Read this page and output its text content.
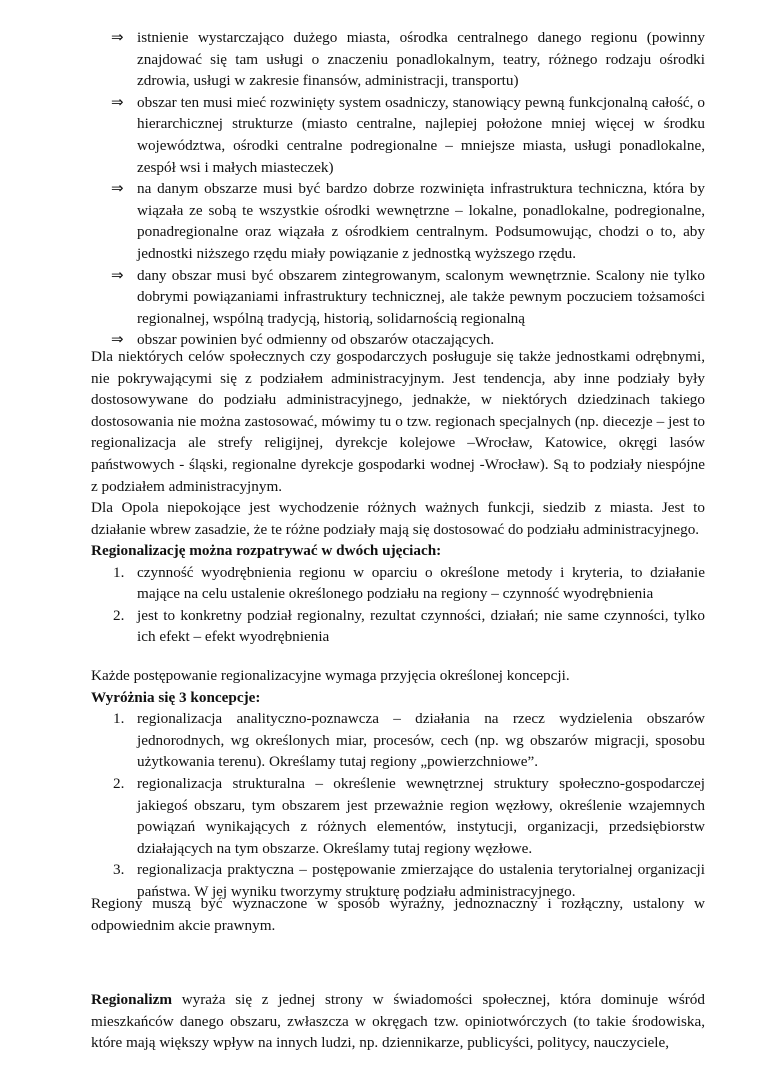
⇒ istnienie wystarczająco dużego miasta, ośrodka centralnego danego regionu (powinny znajdować się tam usługi o znaczeniu ponadlokalnym, teatry, różnego rodzaju ośrodki zdrowia, usługi w zakresie finansów, administracji, transportu)
⇒ obszar ten musi mieć rozwinięty system osadniczy, stanowiący pewną funkcjonalną całość, o hierarchicznej strukturze (miasto centralne, najlepiej położone mniej więcej w środku województwa, ośrodki centralne podregionalne – mniejsze miasta, usługi ponadlokalne, zespół wsi i małych miasteczek)
⇒ na danym obszarze musi być bardzo dobrze rozwinięta infrastruktura techniczna, która by wiązała ze sobą te wszystkie ośrodki wewnętrzne – lokalne, ponadlokalne, podregionalne, ponadregionalne oraz wiązała z ośrodkiem centralnym. Podsumowując, chodzi o to, aby jednostki niższego rzędu miały powiązanie z jednostką wyższego rzędu.
⇒ dany obszar musi być obszarem zintegrowanym, scalonym wewnętrznie. Scalony nie tylko dobrymi powiązaniami infrastruktury technicznej, ale także pewnym poczuciem tożsamości regionalnej, wspólną tradycją, historią, solidarnością regionalną
⇒ obszar powinien być odmienny od obszarów otaczających.

Dla niektórych celów społecznych czy gospodarczych posługuje się także jednostkami odrębnymi, nie pokrywającymi się z podziałem administracyjnym. Jest tendencja, aby inne podziały były dostosowywane do podziału administracyjnego, jednakże, w niektórych dziedzinach takiego dostosowania nie można zastosować, mówimy tu o tzw. regionach specjalnych (np. diecezje – jest to regionalizacja ale strefy religijnej, dyrekcje kolejowe –Wrocław, Katowice, okręgi lasów państwowych - śląski, regionalne dyrekcje gospodarki wodnej -Wrocław). Są to podziały niespójne z podziałem administracyjnym.

Dla Opola niepokojące jest wychodzenie różnych ważnych funkcji, siedzib z miasta. Jest to działanie wbrew zasadzie, że te różne podziały mają się dostosować do podziału administracyjnego.

Regionalizację można rozpatrywać w dwóch ujęciach:

1. czynność wyodrębnienia regionu w oparciu o określone metody i kryteria, to działanie mające na celu ustalenie określonego podziału na regiony – czynność wyodrębnienia
2. jest to konkretny podział regionalny, rezultat czynności, działań; nie same czynności, tylko ich efekt – efekt wyodrębnienia

Każde postępowanie regionalizacyjne wymaga przyjęcia określonej koncepcji.

Wyróżnia się 3 koncepcje:

1. regionalizacja analityczno-poznawcza – działania na rzecz wydzielenia obszarów jednorodnych, wg określonych miar, procesów, cech (np. wg obszarów migracji, sposobu użytkowania terenu). Określamy tutaj regiony „powierzchniowe”.
2. regionalizacja strukturalna – określenie wewnętrznej struktury społeczno-gospodarczej jakiegoś obszaru, tym obszarem jest przeważnie region węzłowy, określenie wzajemnych powiązań wynikających z różnych elementów, instytucji, organizacji, przedsiębiorstw działających na tym obszarze. Określamy tutaj regiony węzłowe.
3. regionalizacja praktyczna – postępowanie zmierzające do ustalenia terytorialnej organizacji państwa. W jej wyniku tworzymy strukturę podziału administracyjnego.

Regiony muszą być wyznaczone w sposób wyraźny, jednoznaczny i rozłączny, ustalony w odpowiednim akcie prawnym.

Regionalizm wyraża się z jednej strony w świadomości społecznej, która dominuje wśród mieszkańców danego obszaru, zwłaszcza w okręgach tzw. opiniotwórczych (to takie środowiska, które mają większy wpływ na innych ludzi, np. dziennikarze, publicyści, politycy, nauczyciele,
